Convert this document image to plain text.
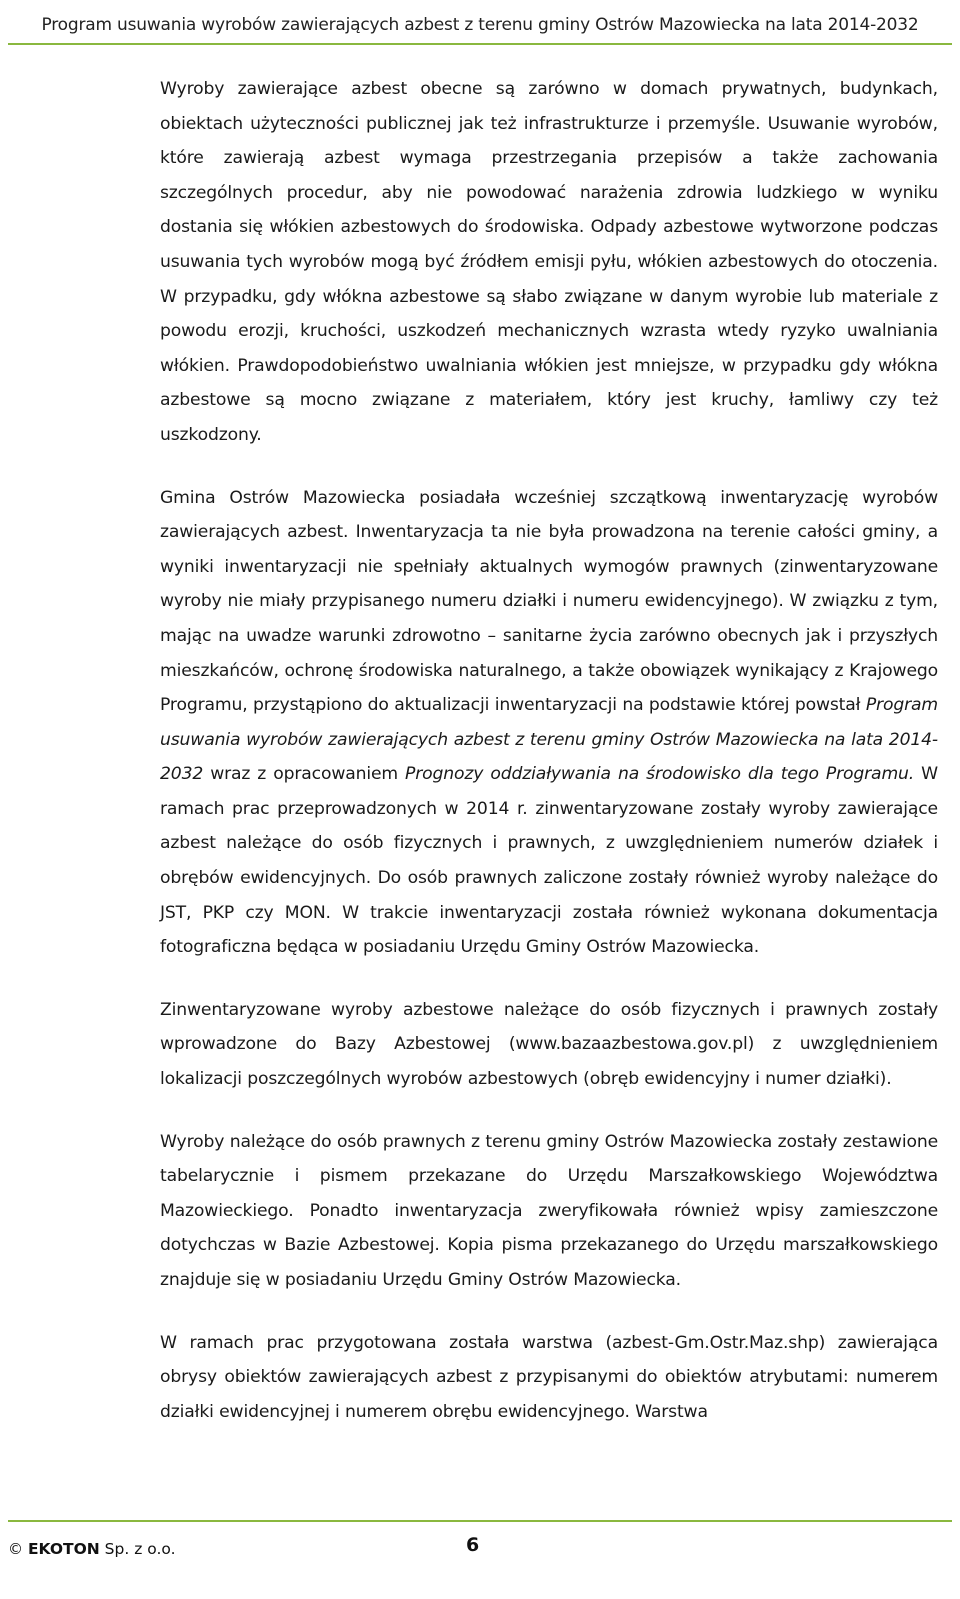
Program usuwania wyrobów zawierających azbest z terenu gminy Ostrów Mazowiecka na lata 2014-2032

Wyroby zawierające azbest obecne są zarówno w domach prywatnych, budynkach, obiektach użyteczności publicznej jak też infrastrukturze i przemyśle. Usuwanie wyrobów, które zawierają azbest wymaga przestrzegania przepisów a także zachowania szczególnych procedur, aby nie powodować narażenia zdrowia ludzkiego w wyniku dostania się włókien azbestowych do środowiska. Odpady azbestowe wytworzone podczas usuwania tych wyrobów mogą być źródłem emisji pyłu, włókien azbestowych do otoczenia. W przypadku, gdy włókna azbestowe są słabo związane w danym wyrobie lub materiale z powodu erozji, kruchości, uszkodzeń mechanicznych wzrasta wtedy ryzyko uwalniania włókien. Prawdopodobieństwo uwalniania włókien jest mniejsze, w przypadku gdy włókna azbestowe są mocno związane z materiałem, który jest kruchy, łamliwy czy też uszkodzony.

Gmina Ostrów Mazowiecka posiadała wcześniej szczątkową inwentaryzację wyrobów zawierających azbest. Inwentaryzacja ta nie była prowadzona na terenie całości gminy, a wyniki inwentaryzacji nie spełniały aktualnych wymogów prawnych (zinwentaryzowane wyroby nie miały przypisanego numeru działki i numeru ewidencyjnego). W związku z tym, mając na uwadze warunki zdrowotno – sanitarne życia zarówno obecnych jak i przyszłych mieszkańców, ochronę środowiska naturalnego, a także obowiązek wynikający z Krajowego Programu, przystąpiono do aktualizacji inwentaryzacji na podstawie której powstał Program usuwania wyrobów zawierających azbest z terenu gminy Ostrów Mazowiecka na lata 2014-2032 wraz z opracowaniem Prognozy oddziaływania na środowisko dla tego Programu. W ramach prac przeprowadzonych w 2014 r. zinwentaryzowane zostały wyroby zawierające azbest należące do osób fizycznych i prawnych, z uwzględnieniem numerów działek i obrębów ewidencyjnych. Do osób prawnych zaliczone zostały również wyroby należące do JST, PKP czy MON. W trakcie inwentaryzacji została również wykonana dokumentacja fotograficzna będąca w posiadaniu Urzędu Gminy Ostrów Mazowiecka.

Zinwentaryzowane wyroby azbestowe należące do osób fizycznych i prawnych zostały wprowadzone do Bazy Azbestowej (www.bazaazbestowa.gov.pl) z uwzględnieniem lokalizacji poszczególnych wyrobów azbestowych (obręb ewidencyjny i numer działki).

Wyroby należące do osób prawnych z terenu gminy Ostrów Mazowiecka zostały zestawione tabelarycznie i pismem przekazane do Urzędu Marszałkowskiego Województwa Mazowieckiego. Ponadto inwentaryzacja zweryfikowała również wpisy zamieszczone dotychczas w Bazie Azbestowej. Kopia pisma przekazanego do Urzędu marszałkowskiego znajduje się w posiadaniu Urzędu Gminy Ostrów Mazowiecka.

W ramach prac przygotowana została warstwa (azbest-Gm.Ostr.Maz.shp) zawierająca obrysy obiektów zawierających azbest z przypisanymi do obiektów atrybutami: numerem działki ewidencyjnej i numerem obrębu ewidencyjnego. Warstwa

© EKOTON Sp. z o.o.	6
